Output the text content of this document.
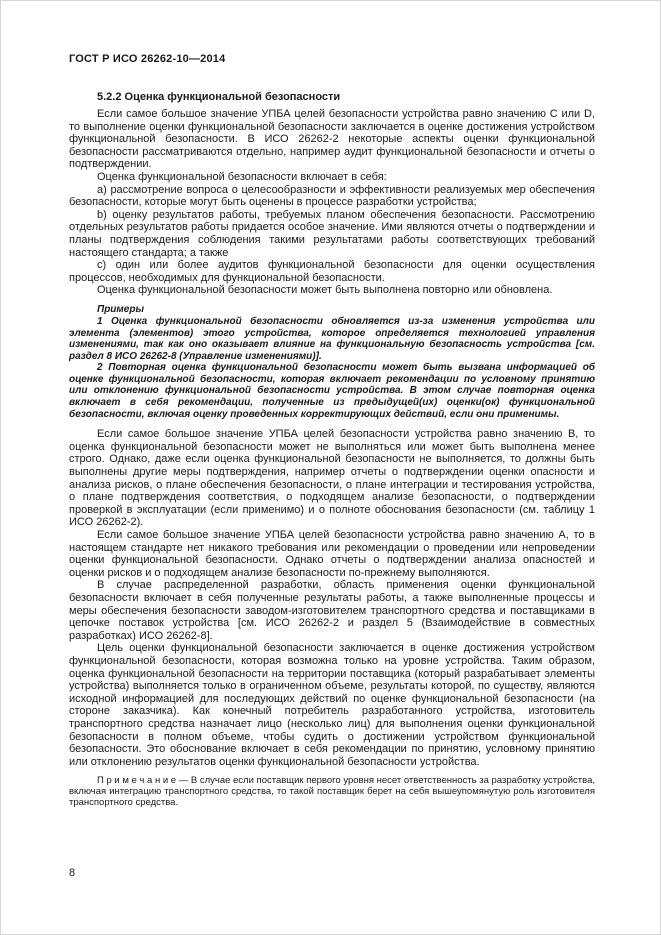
ГОСТ Р ИСО 26262-10—2014
5.2.2 Оценка функциональной безопасности

Если самое большое значение УПБА целей безопасности устройства равно значению C или D, то выполнение оценки функциональной безопасности заключается в оценке достижения устройством функциональной безопасности. В ИСО 26262-2 некоторые аспекты оценки функциональной безопасности рассматриваются отдельно, например аудит функциональной безопасности и отчеты о подтверждении.

Оценка функциональной безопасности включает в себя:

a) рассмотрение вопроса о целесообразности и эффективности реализуемых мер обеспечения безопасности, которые могут быть оценены в процессе разработки устройства;

b) оценку результатов работы, требуемых планом обеспечения безопасности. Рассмотрению отдельных результатов работы придается особое значение. Ими являются отчеты о подтверждении и планы подтверждения соблюдения такими результатами работы соответствующих требований настоящего стандарта; а также

c) один или более аудитов функциональной безопасности для оценки осуществления процессов, необходимых для функциональной безопасности.

Оценка функциональной безопасности может быть выполнена повторно или обновлена.

Примеры

1 Оценка функциональной безопасности обновляется из-за изменения устройства или элемента (элементов) этого устройства, которое определяется технологией управления изменениями, так как оно оказывает влияние на функциональную безопасность устройства [см. раздел 8 ИСО 26262-8 (Управление изменениями)].

2 Повторная оценка функциональной безопасности может быть вызвана информацией об оценке функциональной безопасности, которая включает рекомендации по условному принятию или отклонению функциональной безопасности устройства. В этом случае повторная оценка включает в себя рекомендации, полученные из предыдущей(их) оценки(ок) функциональной безопасности, включая оценку проведенных корректирующих действий, если они применимы.

Если самое большое значение УПБА целей безопасности устройства равно значению B, то оценка функциональной безопасности может не выполняться или может быть выполнена менее строго. Однако, даже если оценка функциональной безопасности не выполняется, то должны быть выполнены другие меры подтверждения, например отчеты о подтверждении оценки опасности и анализа рисков, о плане обеспечения безопасности, о плане интеграции и тестирования устройства, о плане подтверждения соответствия, о подходящем анализе безопасности, о подтверждении проверкой в эксплуатации (если применимо) и о полноте обоснования безопасности (см. таблицу 1 ИСО 26262-2).

Если самое большое значение УПБА целей безопасности устройства равно значению A, то в настоящем стандарте нет никакого требования или рекомендации о проведении или непроведении оценки функциональной безопасности. Однако отчеты о подтверждении анализа опасностей и оценки рисков и о подходящем анализе безопасности по-прежнему выполняются.

В случае распределенной разработки, область применения оценки функциональной безопасности включает в себя полученные результаты работы, а также выполненные процессы и меры обеспечения безопасности заводом-изготовителем транспортного средства и поставщиками в цепочке поставок устройства [см. ИСО 26262-2 и раздел 5 (Взаимодействие в совместных разработках) ИСО 26262-8].

Цель оценки функциональной безопасности заключается в оценке достижения устройством функциональной безопасности, которая возможна только на уровне устройства. Таким образом, оценка функциональной безопасности на территории поставщика (который разрабатывает элементы устройства) выполняется только в ограниченном объеме, результаты которой, по существу, являются исходной информацией для последующих действий по оценке функциональной безопасности (на стороне заказчика). Как конечный потребитель разработанного устройства, изготовитель транспортного средства назначает лицо (несколько лиц) для выполнения оценки функциональной безопасности в полном объеме, чтобы судить о достижении устройством функциональной безопасности. Это обоснование включает в себя рекомендации по принятию, условному принятию или отклонению результатов оценки функциональной безопасности устройства.

П р и м е ч а н и е — В случае если поставщик первого уровня несет ответственность за разработку устройства, включая интеграцию транспортного средства, то такой поставщик берет на себя вышеупомянутую роль изготовителя транспортного средства.

8
